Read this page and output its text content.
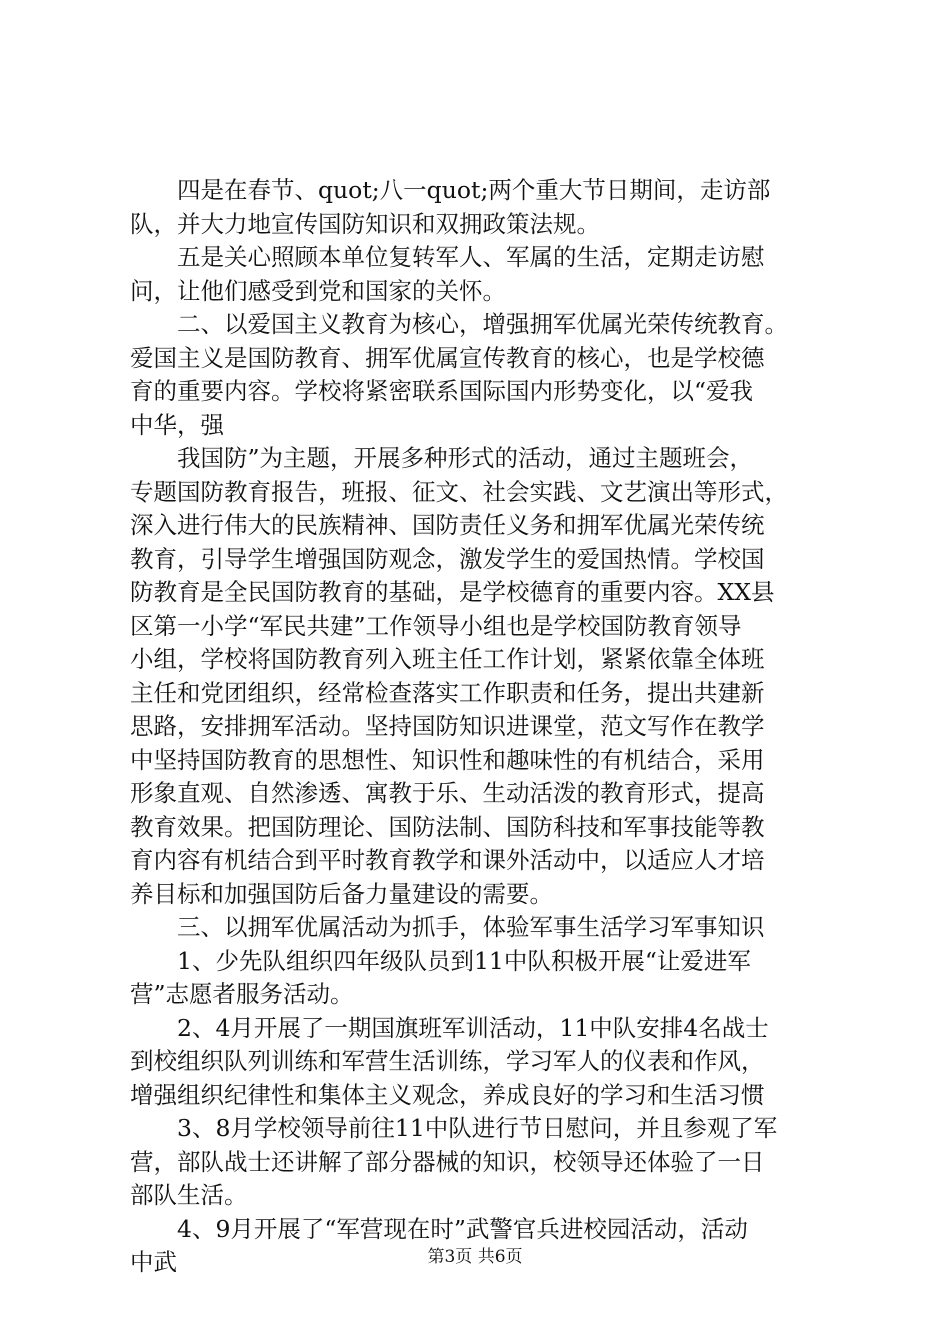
四是在春节、quot;八一quot;两个重大节日期间，走访部
队，并大力地宣传国防知识和双拥政策法规。
五是关心照顾本单位复转军人、军属的生活，定期走访慰
问，让他们感受到党和国家的关怀。
二、以爱国主义教育为核心，增强拥军优属光荣传统教育。
爱国主义是国防教育、拥军优属宣传教育的核心，也是学校德
育的重要内容。学校将紧密联系国际国内形势变化，以“爱我
中华，强
我国防”为主题，开展多种形式的活动，通过主题班会，
专题国防教育报告，班报、征文、社会实践、文艺演出等形式，
深入进行伟大的民族精神、国防责任义务和拥军优属光荣传统
教育，引导学生增强国防观念，激发学生的爱国热情。学校国
防教育是全民国防教育的基础，是学校德育的重要内容。XX县
区第一小学“军民共建”工作领导小组也是学校国防教育领导
小组，学校将国防教育列入班主任工作计划，紧紧依靠全体班
主任和党团组织，经常检查落实工作职责和任务，提出共建新
思路，安排拥军活动。坚持国防知识进课堂，范文写作在教学
中坚持国防教育的思想性、知识性和趣味性的有机结合，采用
形象直观、自然渗透、寓教于乐、生动活泼的教育形式，提高
教育效果。把国防理论、国防法制、国防科技和军事技能等教
育内容有机结合到平时教育教学和课外活动中，以适应人才培
养目标和加强国防后备力量建设的需要。
三、以拥军优属活动为抓手，体验军事生活学习军事知识
1、少先队组织四年级队员到11中队积极开展“让爱进军
营”志愿者服务活动。
2、4月开展了一期国旗班军训活动，11中队安排4名战士
到校组织队列训练和军营生活训练，学习军人的仪表和作风，
增强组织纪律性和集体主义观念，养成良好的学习和生活习惯
3、8月学校领导前往11中队进行节日慰问，并且参观了军
营，部队战士还讲解了部分器械的知识，校领导还体验了一日
部队生活。
4、9月开展了“军营现在时”武警官兵进校园活动，活动
中武	第3页 共6页
